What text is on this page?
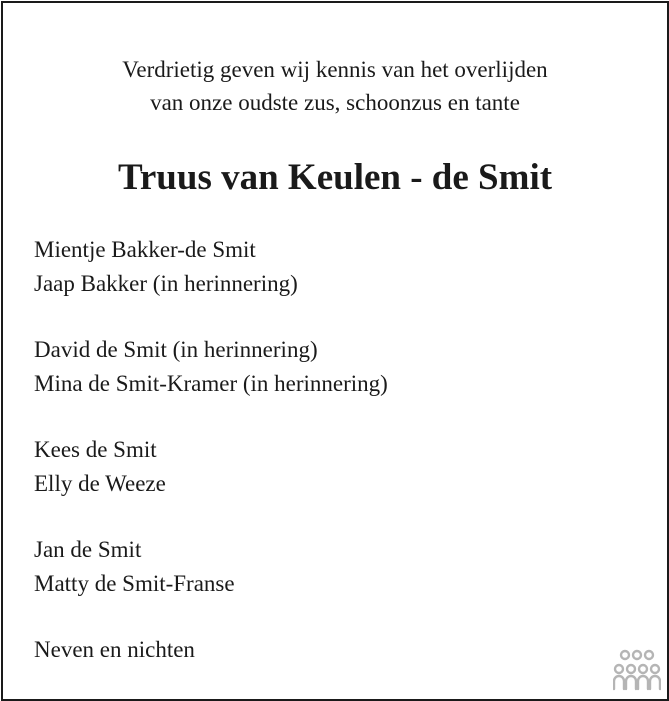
Verdrietig geven wij kennis van het overlijden
van onze oudste zus, schoonzus en tante
Truus van Keulen - de Smit
Mientje Bakker-de Smit
Jaap Bakker (in herinnering)
David de Smit (in herinnering)
Mina de Smit-Kramer (in herinnering)
Kees de Smit
Elly de Weeze
Jan de Smit
Matty de Smit-Franse
Neven en nichten
